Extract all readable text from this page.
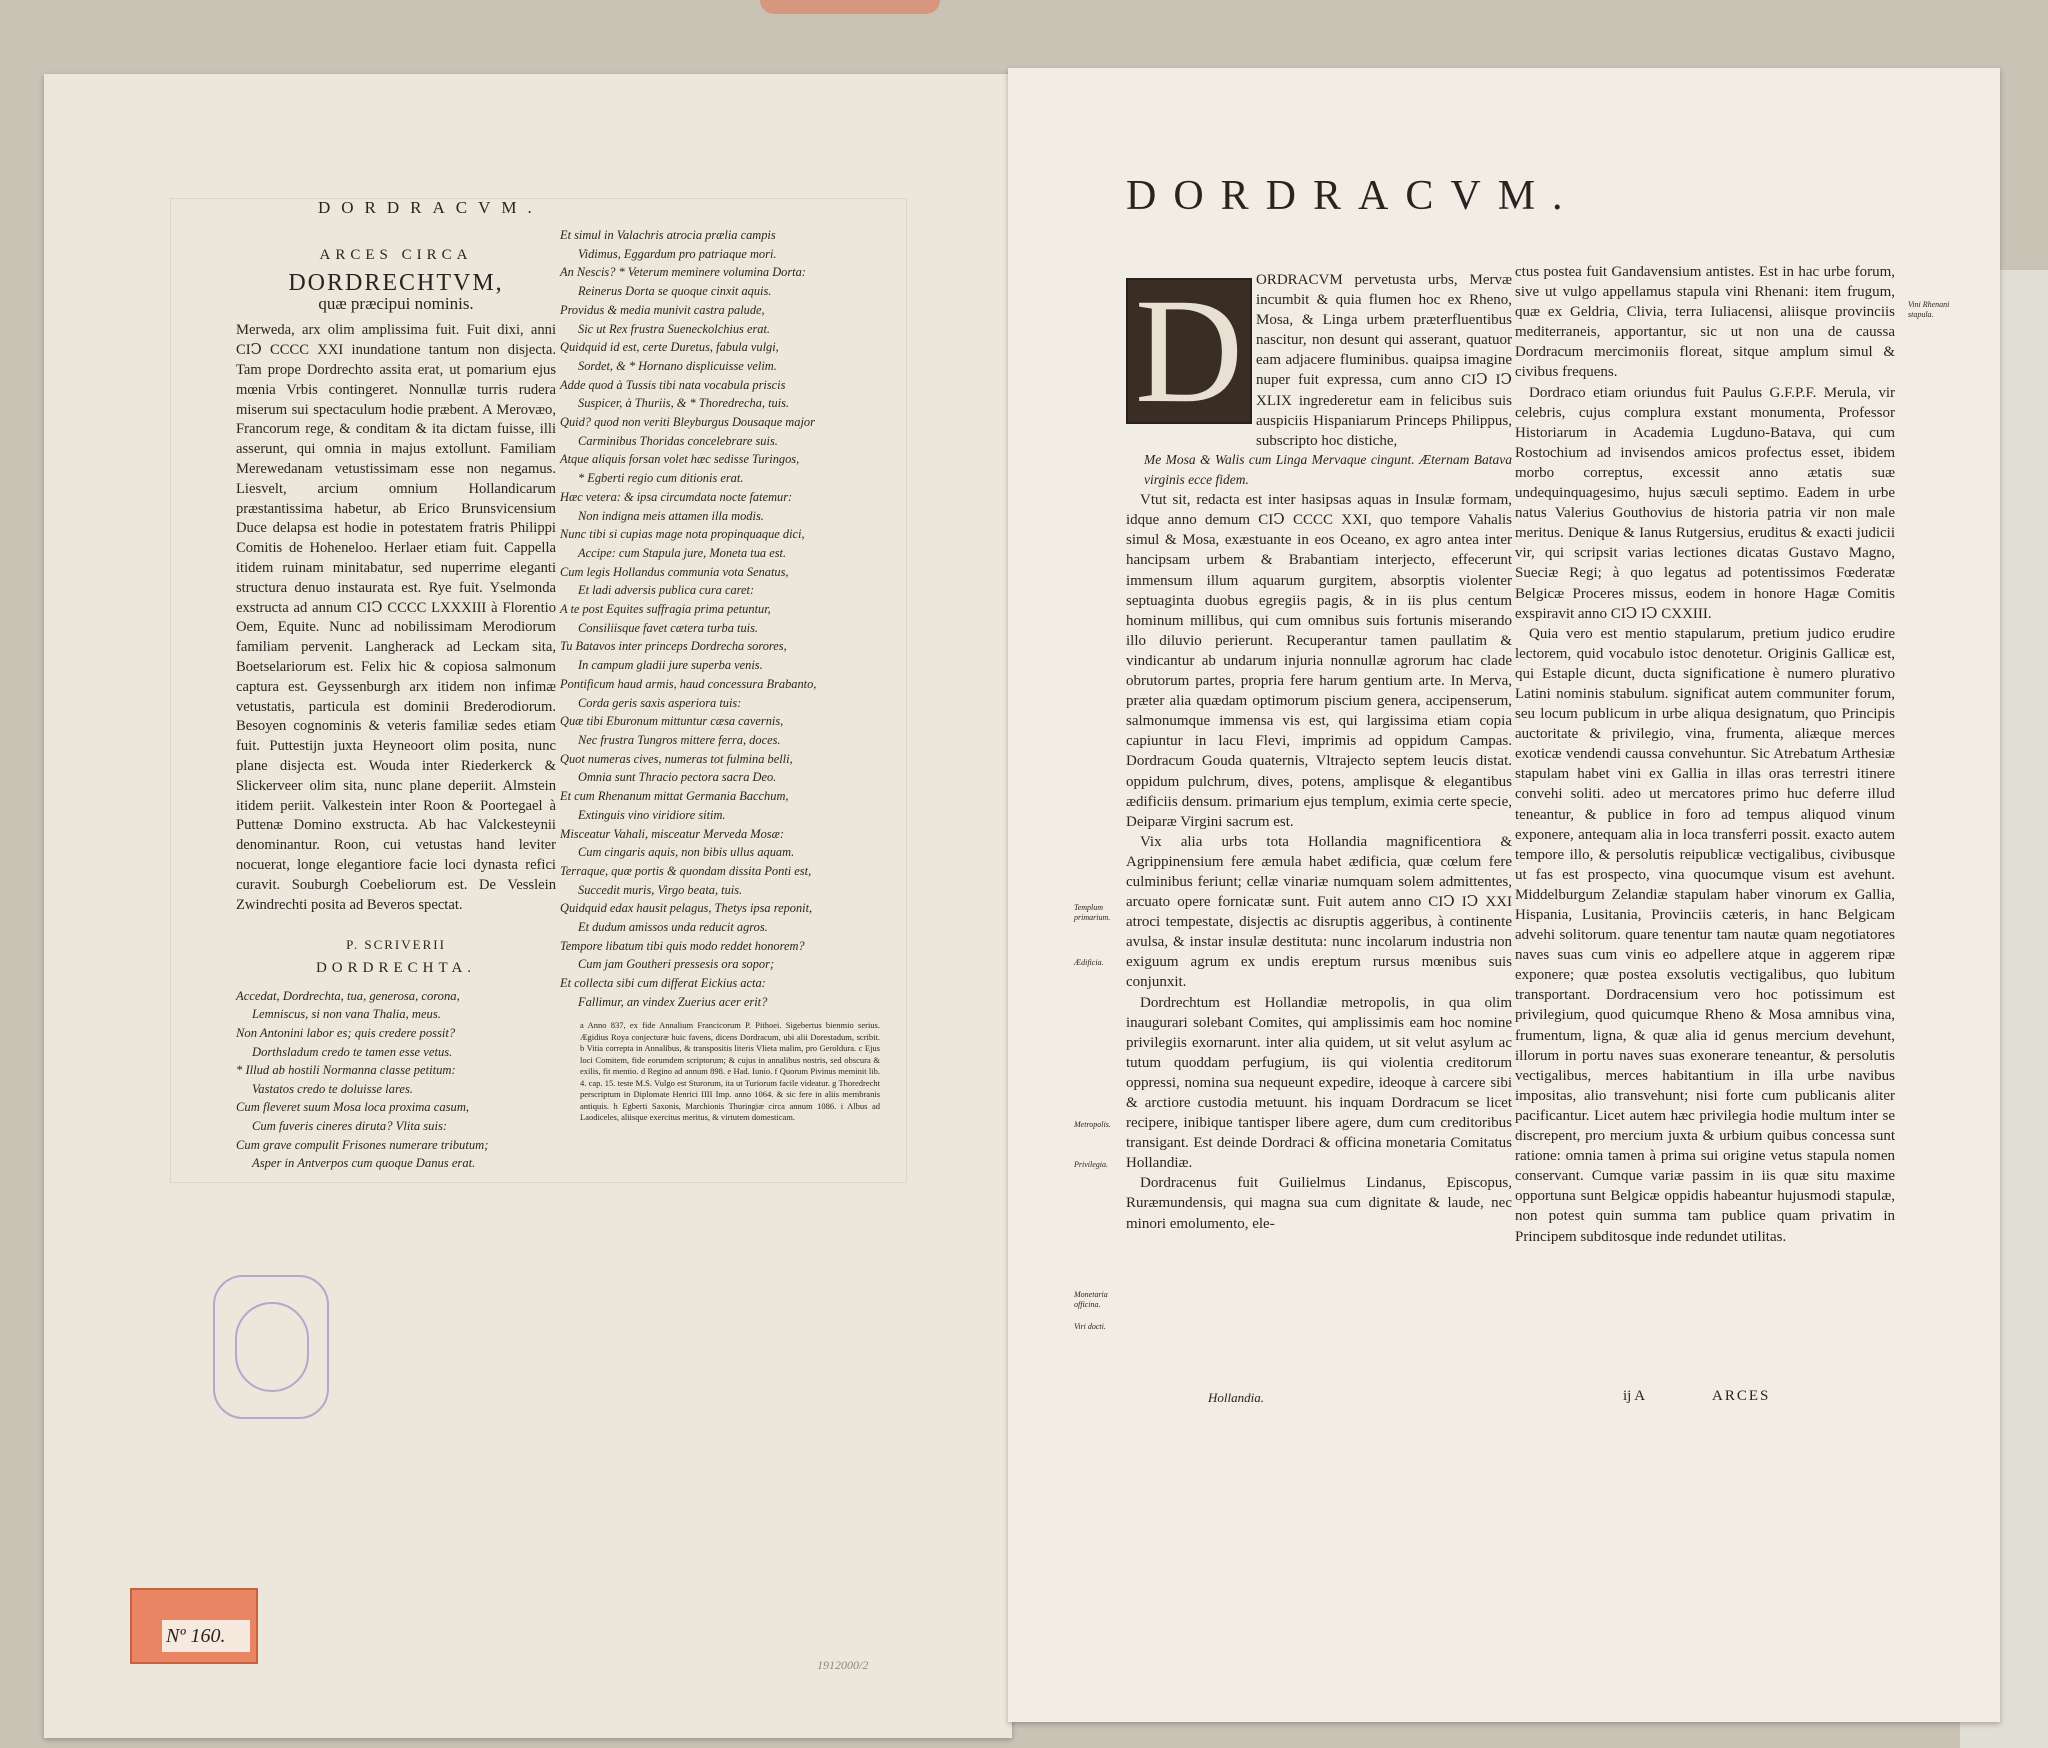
DORDRACVM.
ARCES CIRCA
DORDRECHTVM,
quæ præcipui nominis.

Merweda, arx olim amplissima fuit. Fuit dixi, anni CIↃ CCCC XXI inundatione tantum non disjecta. Tam prope Dordrechto assita erat, ut pomarium ejus mœnia Vrbis contingeret. Nonnullæ turris rudera miserum sui spectaculum hodie præbent. A Merovæo, Francorum rege, & conditam & ita dictam fuisse, illi asserunt, qui omnia in majus extollunt. Familiam Merewedanam vetustissimam esse non negamus. Liesvelt, arcium omnium Hollandicarum præstantissima habetur, ab Erico Brunsvicensium Duce delapsa est hodie in potestatem fratris Philippi Comitis de Hoheneloo. Herlaer etiam fuit. Cappella itidem ruinam minitabatur, sed nuperrime eleganti structura denuo instaurata est. Rye fuit. Yselmonda exstructa ad annum CIↃ CCCC LXXXIII à Florentio Oem, Equite. Nunc ad nobilissimam Merodiorum familiam pervenit. Langherack ad Leckam sita, Boetselariorum est. Felix hic & copiosa salmonum captura est. Geyssenburgh arx itidem non infimæ vetustatis, particula est dominii Brederodiorum. Besoyen cognominis & veteris familiæ sedes etiam fuit. Puttestijn juxta Heyneoort olim posita, nunc plane disjecta est. Wouda inter Riederkerck & Slickerveer olim sita, nunc plane deperiit. Almstein itidem periit. Valkestein inter Roon & Poortegael à Puttenæ Domino exstructa. Ab hac Valckesteynii denominantur. Roon, cui vetustas hand leviter nocuerat, longe elegantiore facie loci dynasta refici curavit. Souburgh Coebeliorum est. De Vesslein Zwindrechti posita ad Beveros spectat.

P. SCRIVERII
DORDRECHTA.

Accedat, Dordrechta, tua, generosa, corona,

Lemniscus, si non vana Thalia, meus.

Non Antonini labor es; quis credere possit?

Dorthsladum credo te tamen esse vetus.

* Illud ab hostili Normanna classe petitum:

Vastatos credo te doluisse lares.

Cum fleveret suum Mosa loca proxima casum,

Cum fuveris cineres diruta? Vlita suis:

Cum grave compulit Frisones numerare tributum;

Asper in Antverpos cum quoque Danus erat.

Et simul in Valachris atrocia prælia campis

Vidimus, Eggardum pro patriaque mori.

An Nescis? * Veterum meminere volumina Dorta:

Reinerus Dorta se quoque cinxit aquis.

Providus & media munivit castra palude,

Sic ut Rex frustra Sueneckolchius erat.

Quidquid id est, certe Duretus, fabula vulgi,

Sordet, & * Hornano displicuisse velim.

Adde quod à Tussis tibi nata vocabula priscis

Suspicer, à Thuriis, & * Thoredrecha, tuis.

Quid? quod non veriti Bleyburgus Dousaque major

Carminibus Thoridas concelebrare suis.

Atque aliquis forsan volet hæc sedisse Turingos,

* Egberti regio cum ditionis erat.

Hæc vetera: & ipsa circumdata nocte fatemur:

Non indigna meis attamen illa modis.

Nunc tibi si cupias mage nota propinquaque dici,

Accipe: cum Stapula jure, Moneta tua est.

Cum legis Hollandus communia vota Senatus,

Et ladi adversis publica cura caret:

A te post Equites suffragia prima petuntur,

Consiliisque favet cætera turba tuis.

Tu Batavos inter princeps Dordrecha sorores,

In campum gladii jure superba venis.

Pontificum haud armis, haud concessura Brabanto,

Corda geris saxis asperiora tuis:

Quæ tibi Eburonum mittuntur cæsa cavernis,

Nec frustra Tungros mittere ferra, doces.

Quot numeras cives, numeras tot fulmina belli,

Omnia sunt Thracio pectora sacra Deo.

Et cum Rhenanum mittat Germania Bacchum,

Extinguis vino viridiore sitim.

Misceatur Vahali, misceatur Merveda Mosæ:

Cum cingaris aquis, non bibis ullus aquam.

Terraque, quæ portis & quondam dissita Ponti est,

Succedit muris, Virgo beata, tuis.

Quidquid edax hausit pelagus, Thetys ipsa reponit,

Et dudum amissos unda reducit agros.

Tempore libatum tibi quis modo reddet honorem?

Cum jam Goutheri pressesis ora sopor;

Et collecta sibi cum differat Eickius acta:

Fallimur, an vindex Zuerius acer erit?

a Anno 837, ex fide Annalium Francicorum P. Pithoei. Sigebertus bienmio serius. Ægidius Roya conjecturæ huic favens, dicens Dordracum, ubi alii Dorestadum, scribit. b Vitia correpta in Annalibus, & transpositis literis Vlieta malim, pro Geroldura. c Ejus loci Comitem, fide eorumdem scriptorum; & cujus in annalibus nostris, sed obscura & exilis, fit mentio. d Regino ad annum 898. e Had. Iunio. f Quorum Pivinus meminit lib. 4. cap. 15. teste M.S. Vulgo est Sturorum, ita ut Turiorum facile videatur. g Thoredrecht perscriptum in Diplomate Henrici IIII Imp. anno 1064. & sic fere in aliis membranis antiquis. h Egberti Saxonis, Marchionis Thuringiæ circa annum 1086. i Albus ad Laodiceles, aliisque exercitus meritus, & virtutem domesticam.
Nº 160.
1912000/2
DORDRACVM.
D ORDRACVM pervetusta urbs, Mervæ incumbit & quia flumen hoc ex Rheno, Mosa, & Linga urbem præterfluentibus nascitur, non desunt qui asserant, quatuor eam adjacere fluminibus. quaipsa imagine nuper fuit expressa, cum anno CIↃ IↃ XLIX ingrederetur eam in felicibus suis auspiciis Hispaniarum Princeps Philippus, subscripto hoc distiche,

Me Mosa & Walis cum Linga Mervaque cingunt. Æternam Batava virginis ecce fidem.

Vtut sit, redacta est inter hasipsas aquas in Insulæ formam, idque anno demum CIↃ CCCC XXI, quo tempore Vahalis simul & Mosa, exæstuante in eos Oceano, ex agro antea inter hancipsam urbem & Brabantiam interjecto, effecerunt immensum illum aquarum gurgitem, absorptis violenter septuaginta duobus egregiis pagis, & in iis plus centum hominum millibus, qui cum omnibus suis fortunis miserando illo diluvio perierunt. Recuperantur tamen paullatim & vindicantur ab undarum injuria nonnullæ agrorum hac clade obrutorum partes, propria fere harum gentium arte. In Merva, præter alia quædam optimorum piscium genera, accipenserum, salmonumque immensa vis est, qui largissima etiam copia capiuntur in lacu Flevi, imprimis ad oppidum Campas. Dordracum Gouda quaternis, Vltrajecto septem leucis distat. oppidum pulchrum, dives, potens, amplisque & elegantibus ædificiis densum. primarium ejus templum, eximia certe specie, Deiparæ Virgini sacrum est.

Vix alia urbs tota Hollandia magnificentiora & Agrippinensium fere æmula habet ædificia, quæ cœlum fere culminibus feriunt; cellæ vinariæ numquam solem admittentes, arcuato opere fornicatæ sunt. Fuit autem anno CIↃ IↃ XXI atroci tempestate, disjectis ac disruptis aggeribus, à continente avulsa, & instar insulæ destituta: nunc incolarum industria non exiguum agrum ex undis ereptum rursus mœnibus suis conjunxit.

Dordrechtum est Hollandiæ metropolis, in qua olim inaugurari solebant Comites, qui amplissimis eam hoc nomine privilegiis exornarunt. inter alia quidem, ut sit velut asylum ac tutum quoddam perfugium, iis qui violentia creditorum oppressi, nomina sua nequeunt expedire, ideoque à carcere sibi & arctiore custodia metuunt. his inquam Dordracum se licet recipere, inibique tantisper libere agere, dum cum creditoribus transigant. Est deinde Dordraci & officina monetaria Comitatus Hollandiæ.

Dordracenus fuit Guilielmus Lindanus, Episcopus, Ruræmundensis, qui magna sua cum dignitate & laude, nec minori emolumento, ele-

ctus postea fuit Gandavensium antistes. Est in hac urbe forum, sive ut vulgo appellamus stapula vini Rhenani: item frugum, quæ ex Geldria, Clivia, terra Iuliacensi, aliisque provinciis mediterraneis, apportantur, sic ut non una de caussa Dordracum mercimoniis floreat, sitque amplum simul & civibus frequens.

Dordraco etiam oriundus fuit Paulus G.F.P.F. Merula, vir celebris, cujus complura exstant monumenta, Professor Historiarum in Academia Lugduno-Batava, qui cum Rostochium ad invisendos amicos profectus esset, ibidem morbo correptus, excessit anno ætatis suæ undequinquagesimo, hujus sæculi septimo. Eadem in urbe natus Valerius Gouthovius de historia patria vir non male meritus. Denique & Ianus Rutgersius, eruditus & exacti judicii vir, qui scripsit varias lectiones dicatas Gustavo Magno, Sueciæ Regi; à quo legatus ad potentissimos Fœderatæ Belgicæ Proceres missus, eodem in honore Hagæ Comitis exspiravit anno CIↃ IↃ CXXIII.

Quia vero est mentio stapularum, pretium judico erudire lectorem, quid vocabulo istoc denotetur. Originis Gallicæ est, qui Estaple dicunt, ducta significatione è numero plurativo Latini nominis stabulum. significat autem communiter forum, seu locum publicum in urbe aliqua designatum, quo Principis auctoritate & privilegio, vina, frumenta, aliæque merces exoticæ vendendi caussa convehuntur. Sic Atrebatum Arthesiæ stapulam habet vini ex Gallia in illas oras terrestri itinere convehi soliti. adeo ut mercatores primo huc deferre illud teneantur, & publice in foro ad tempus aliquod vinum exponere, antequam alia in loca transferri possit. exacto autem tempore illo, & persolutis reipublicæ vectigalibus, civibusque ut fas est prospecto, vina quocumque visum est avehunt. Middelburgum Zelandiæ stapulam haber vinorum ex Gallia, Hispania, Lusitania, Provinciis cæteris, in hanc Belgicam advehi solitorum. quare tenentur tam nautæ quam negotiatores naves suas cum vinis eo adpellere atque in aggerem ripæ exponere; quæ postea exsolutis vectigalibus, quo lubitum transportant. Dordracensium vero hoc potissimum est privilegium, quod quicumque Rheno & Mosa amnibus vina, frumentum, ligna, & quæ alia id genus mercium devehunt, illorum in portu naves suas exonerare teneantur, & persolutis vectigalibus, merces habitantium in illa urbe navibus impositas, alio transvehunt; nisi forte cum publicanis aliter pacificantur. Licet autem hæc privilegia hodie multum inter se discrepent, pro mercium juxta & urbium quibus concessa sunt ratione: omnia tamen à prima sui origine vetus stapula nomen conservant. Cumque variæ passim in iis quæ situ maxime opportuna sunt Belgicæ oppidis habeantur hujusmodi stapulæ, non potest quin summa tam publice quam privatim in Principem subditosque inde redundet utilitas.

Vini Rhenani stapula.
Templum primarium.
Ædificia.
Metropolis.
Privilegia.
Monetaria officina.
Viri docti.
Hollandia.	ij A	ARCES
